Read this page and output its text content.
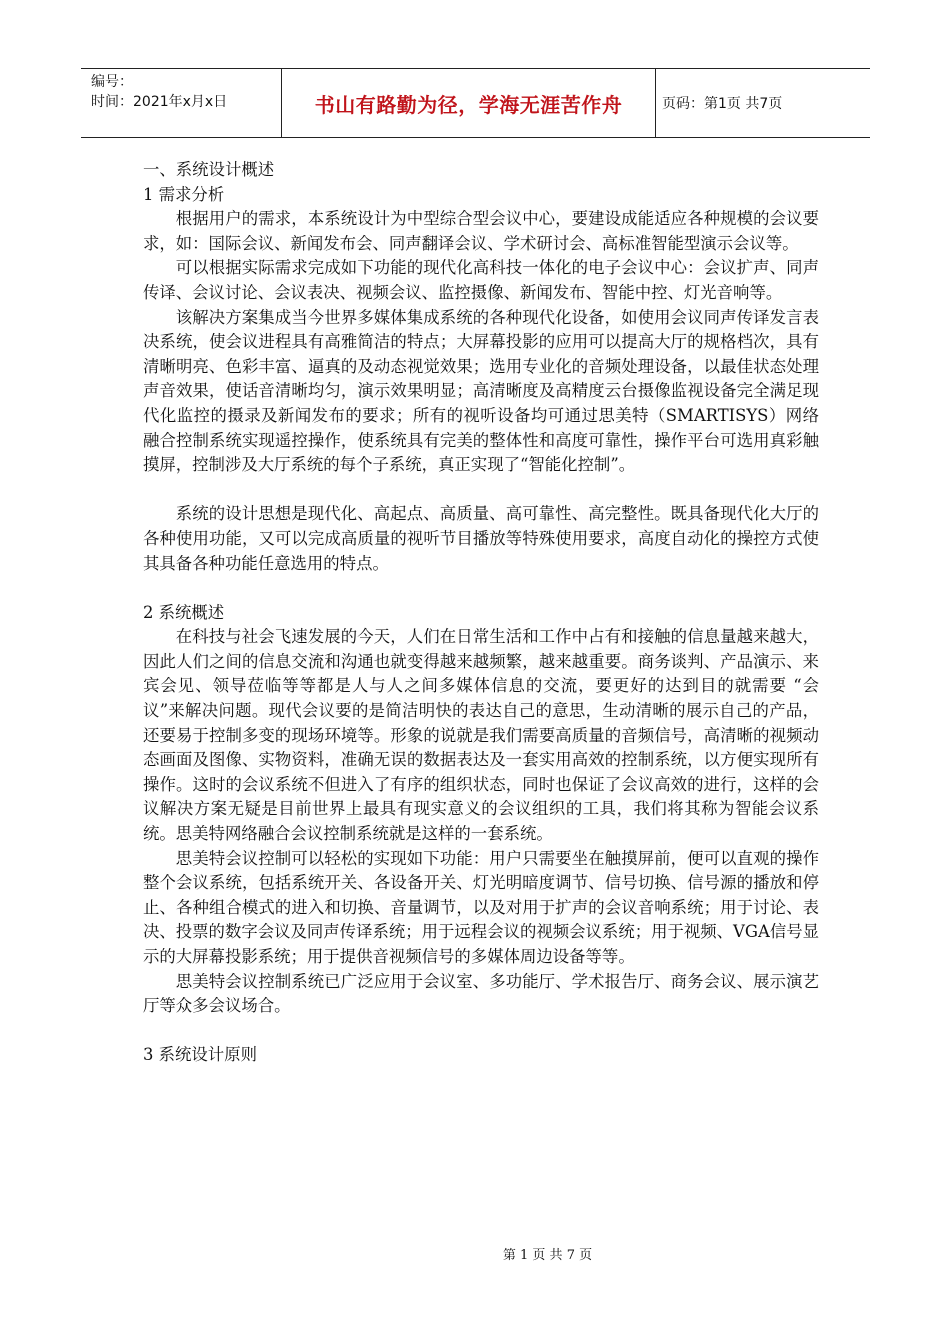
编号：
时间：2021年x月x日	书山有路勤为径，学海无涯苦作舟	页码：第1页 共7页

一、系统设计概述

1 需求分析

根据用户的需求，本系统设计为中型综合型会议中心，要建设成能适应各种规模的会议要求，如：国际会议、新闻发布会、同声翻译会议、学术研讨会、高标准智能型演示会议等。

可以根据实际需求完成如下功能的现代化高科技一体化的电子会议中心：会议扩声、同声传译、会议讨论、会议表决、视频会议、监控摄像、新闻发布、智能中控、灯光音响等。

该解决方案集成当今世界多媒体集成系统的各种现代化设备，如使用会议同声传译发言表决系统，使会议进程具有高雅简洁的特点；大屏幕投影的应用可以提高大厅的规格档次，具有清晰明亮、色彩丰富、逼真的及动态视觉效果；选用专业化的音频处理设备，以最佳状态处理声音效果，使话音清晰均匀，演示效果明显；高清晰度及高精度云台摄像监视设备完全满足现代化监控的摄录及新闻发布的要求；所有的视听设备均可通过思美特（SMARTISYS）网络融合控制系统实现遥控操作，使系统具有完美的整体性和高度可靠性，操作平台可选用真彩触摸屏，控制涉及大厅系统的每个子系统，真正实现了“智能化控制”。

系统的设计思想是现代化、高起点、高质量、高可靠性、高完整性。既具备现代化大厅的各种使用功能，又可以完成高质量的视听节目播放等特殊使用要求，高度自动化的操控方式使其具备各种功能任意选用的特点。

2 系统概述

在科技与社会飞速发展的今天，人们在日常生活和工作中占有和接触的信息量越来越大，因此人们之间的信息交流和沟通也就变得越来越频繁，越来越重要。商务谈判、产品演示、来宾会见、领导莅临等等都是人与人之间多媒体信息的交流，要更好的达到目的就需要 “会议”来解决问题。现代会议要的是简洁明快的表达自己的意思，生动清晰的展示自己的产品，还要易于控制多变的现场环境等。形象的说就是我们需要高质量的音频信号，高清晰的视频动态画面及图像、实物资料，准确无误的数据表达及一套实用高效的控制系统，以方便实现所有操作。这时的会议系统不但进入了有序的组织状态，同时也保证了会议高效的进行，这样的会议解决方案无疑是目前世界上最具有现实意义的会议组织的工具，我们将其称为智能会议系统。思美特网络融合会议控制系统就是这样的一套系统。

思美特会议控制可以轻松的实现如下功能：用户只需要坐在触摸屏前，便可以直观的操作整个会议系统，包括系统开关、各设备开关、灯光明暗度调节、信号切换、信号源的播放和停止、各种组合模式的进入和切换、音量调节，以及对用于扩声的会议音响系统；用于讨论、表决、投票的数字会议及同声传译系统；用于远程会议的视频会议系统；用于视频、VGA信号显示的大屏幕投影系统；用于提供音视频信号的多媒体周边设备等等。

思美特会议控制系统已广泛应用于会议室、多功能厅、学术报告厅、商务会议、展示演艺厅等众多会议场合。

3 系统设计原则

第 1 页 共 7 页
